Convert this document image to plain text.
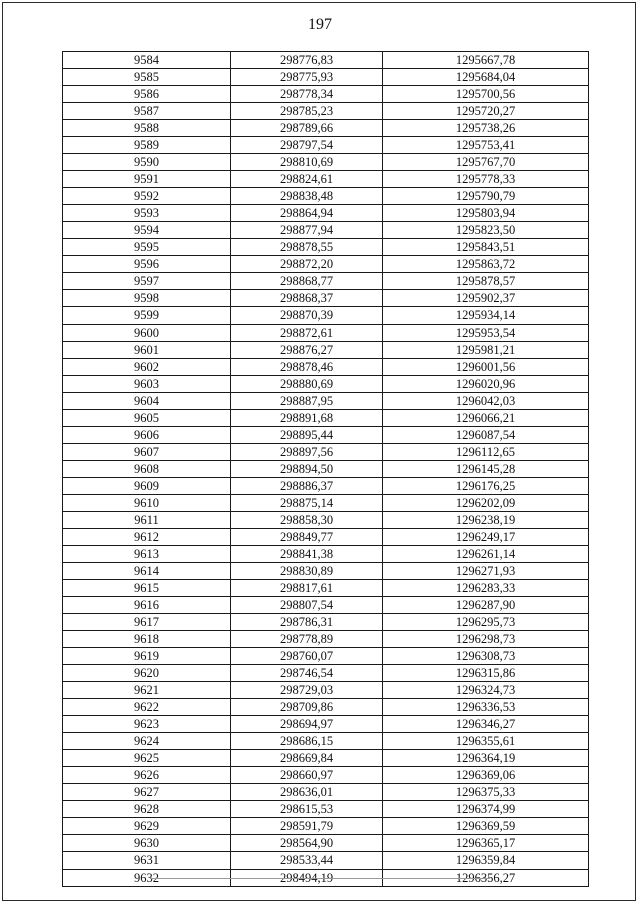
197
9584	298776,83	1295667,78
9585	298775,93	1295684,04
9586	298778,34	1295700,56
9587	298785,23	1295720,27
9588	298789,66	1295738,26
9589	298797,54	1295753,41
9590	298810,69	1295767,70
9591	298824,61	1295778,33
9592	298838,48	1295790,79
9593	298864,94	1295803,94
9594	298877,94	1295823,50
9595	298878,55	1295843,51
9596	298872,20	1295863,72
9597	298868,77	1295878,57
9598	298868,37	1295902,37
9599	298870,39	1295934,14
9600	298872,61	1295953,54
9601	298876,27	1295981,21
9602	298878,46	1296001,56
9603	298880,69	1296020,96
9604	298887,95	1296042,03
9605	298891,68	1296066,21
9606	298895,44	1296087,54
9607	298897,56	1296112,65
9608	298894,50	1296145,28
9609	298886,37	1296176,25
9610	298875,14	1296202,09
9611	298858,30	1296238,19
9612	298849,77	1296249,17
9613	298841,38	1296261,14
9614	298830,89	1296271,93
9615	298817,61	1296283,33
9616	298807,54	1296287,90
9617	298786,31	1296295,73
9618	298778,89	1296298,73
9619	298760,07	1296308,73
9620	298746,54	1296315,86
9621	298729,03	1296324,73
9622	298709,86	1296336,53
9623	298694,97	1296346,27
9624	298686,15	1296355,61
9625	298669,84	1296364,19
9626	298660,97	1296369,06
9627	298636,01	1296375,33
9628	298615,53	1296374,99
9629	298591,79	1296369,59
9630	298564,90	1296365,17
9631	298533,44	1296359,84
9632	298494,19	1296356,27
